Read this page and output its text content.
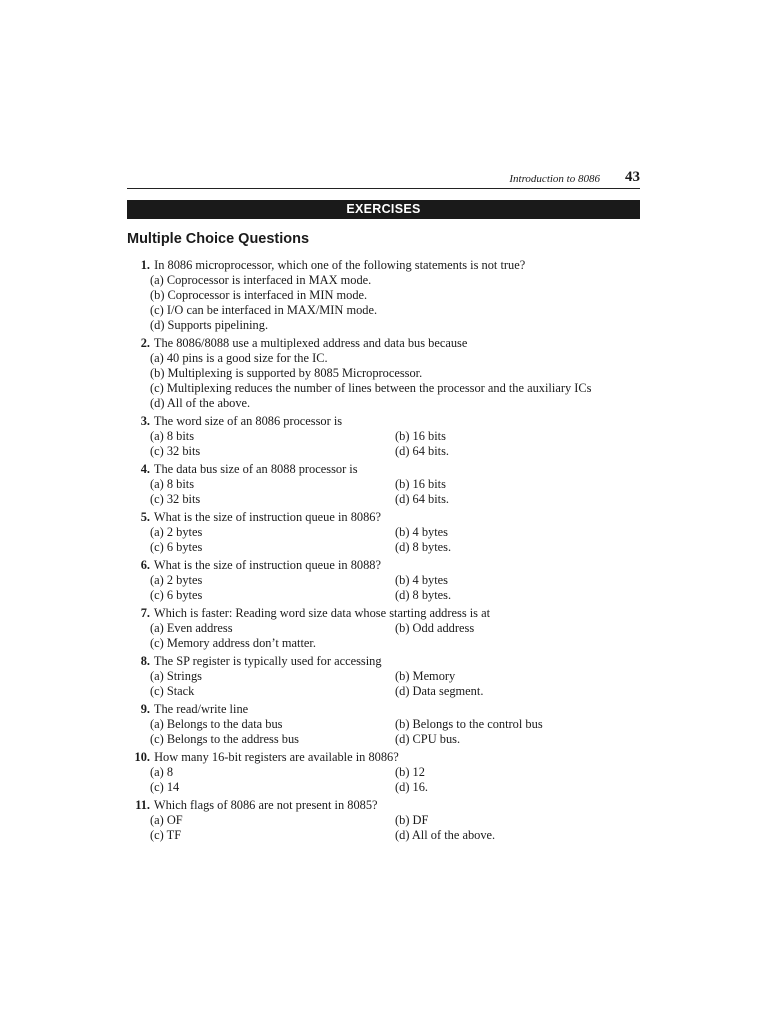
Introduction to 8086 43
EXERCISES
Multiple Choice Questions
1. In 8086 microprocessor, which one of the following statements is not true?
(a) Coprocessor is interfaced in MAX mode.
(b) Coprocessor is interfaced in MIN mode.
(c) I/O can be interfaced in MAX/MIN mode.
(d) Supports pipelining.
2. The 8086/8088 use a multiplexed address and data bus because
(a) 40 pins is a good size for the IC.
(b) Multiplexing is supported by 8085 Microprocessor.
(c) Multiplexing reduces the number of lines between the processor and the auxiliary ICs
(d) All of the above.
3. The word size of an 8086 processor is
(a) 8 bits	(b) 16 bits
(c) 32 bits	(d) 64 bits.
4. The data bus size of an 8088 processor is
(a) 8 bits	(b) 16 bits
(c) 32 bits	(d) 64 bits.
5. What is the size of instruction queue in 8086?
(a) 2 bytes	(b) 4 bytes
(c) 6 bytes	(d) 8 bytes.
6. What is the size of instruction queue in 8088?
(a) 2 bytes	(b) 4 bytes
(c) 6 bytes	(d) 8 bytes.
7. Which is faster: Reading word size data whose starting address is at
(a) Even address	(b) Odd address
(c) Memory address don’t matter.
8. The SP register is typically used for accessing
(a) Strings	(b) Memory
(c) Stack	(d) Data segment.
9. The read/write line
(a) Belongs to the data bus	(b) Belongs to the control bus
(c) Belongs to the address bus	(d) CPU bus.
10. How many 16-bit registers are available in 8086?
(a) 8	(b) 12
(c) 14	(d) 16.
11. Which flags of 8086 are not present in 8085?
(a) OF	(b) DF
(c) TF	(d) All of the above.
